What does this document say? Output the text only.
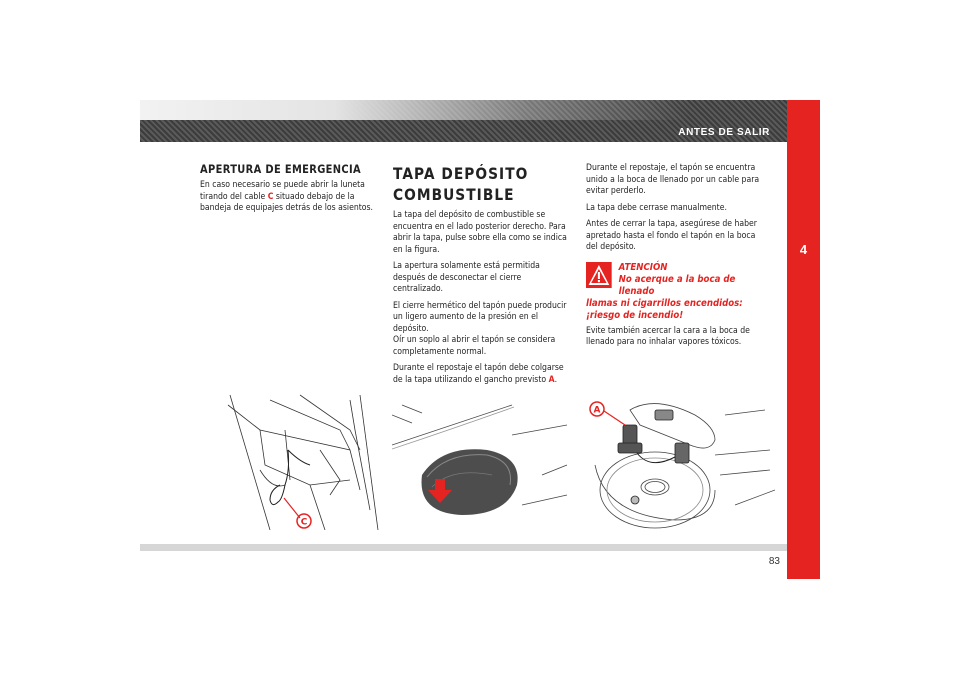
ANTES DE SALIR
4
APERTURA DE EMERGENCIA

En caso necesario se puede abrir la luneta tirando del cable C situado debajo de la bandeja de equipajes detrás de los asientos.

TAPA DEPÓSITO COMBUSTIBLE

La tapa del depósito de combustible se encuentra en el lado posterior derecho. Para abrir la tapa, pulse sobre ella como se indica en la figura.

La apertura solamente está permitida después de desconectar el cierre centralizado.

El cierre hermético del tapón puede producir un ligero aumento de la presión en el depósito.

Oír un soplo al abrir el tapón se considera completamente normal.

Durante el repostaje el tapón debe colgarse de la tapa utilizando el gancho previsto A.

Durante el repostaje, el tapón se encuentra unido a la boca de llenado por un cable para evitar perderlo.

La tapa debe cerrase manualmente.

Antes de cerrar la tapa, asegúrese de haber apretado hasta el fondo el tapón en la boca del depósito.

ATENCIÓN
No acerque a la boca de llenado
llamas ni cigarrillos encendidos: ¡riesgo de incendio!

Evite también acercar la cara a la boca de llenado para no inhalar vapores tóxicos.

C
A
83
